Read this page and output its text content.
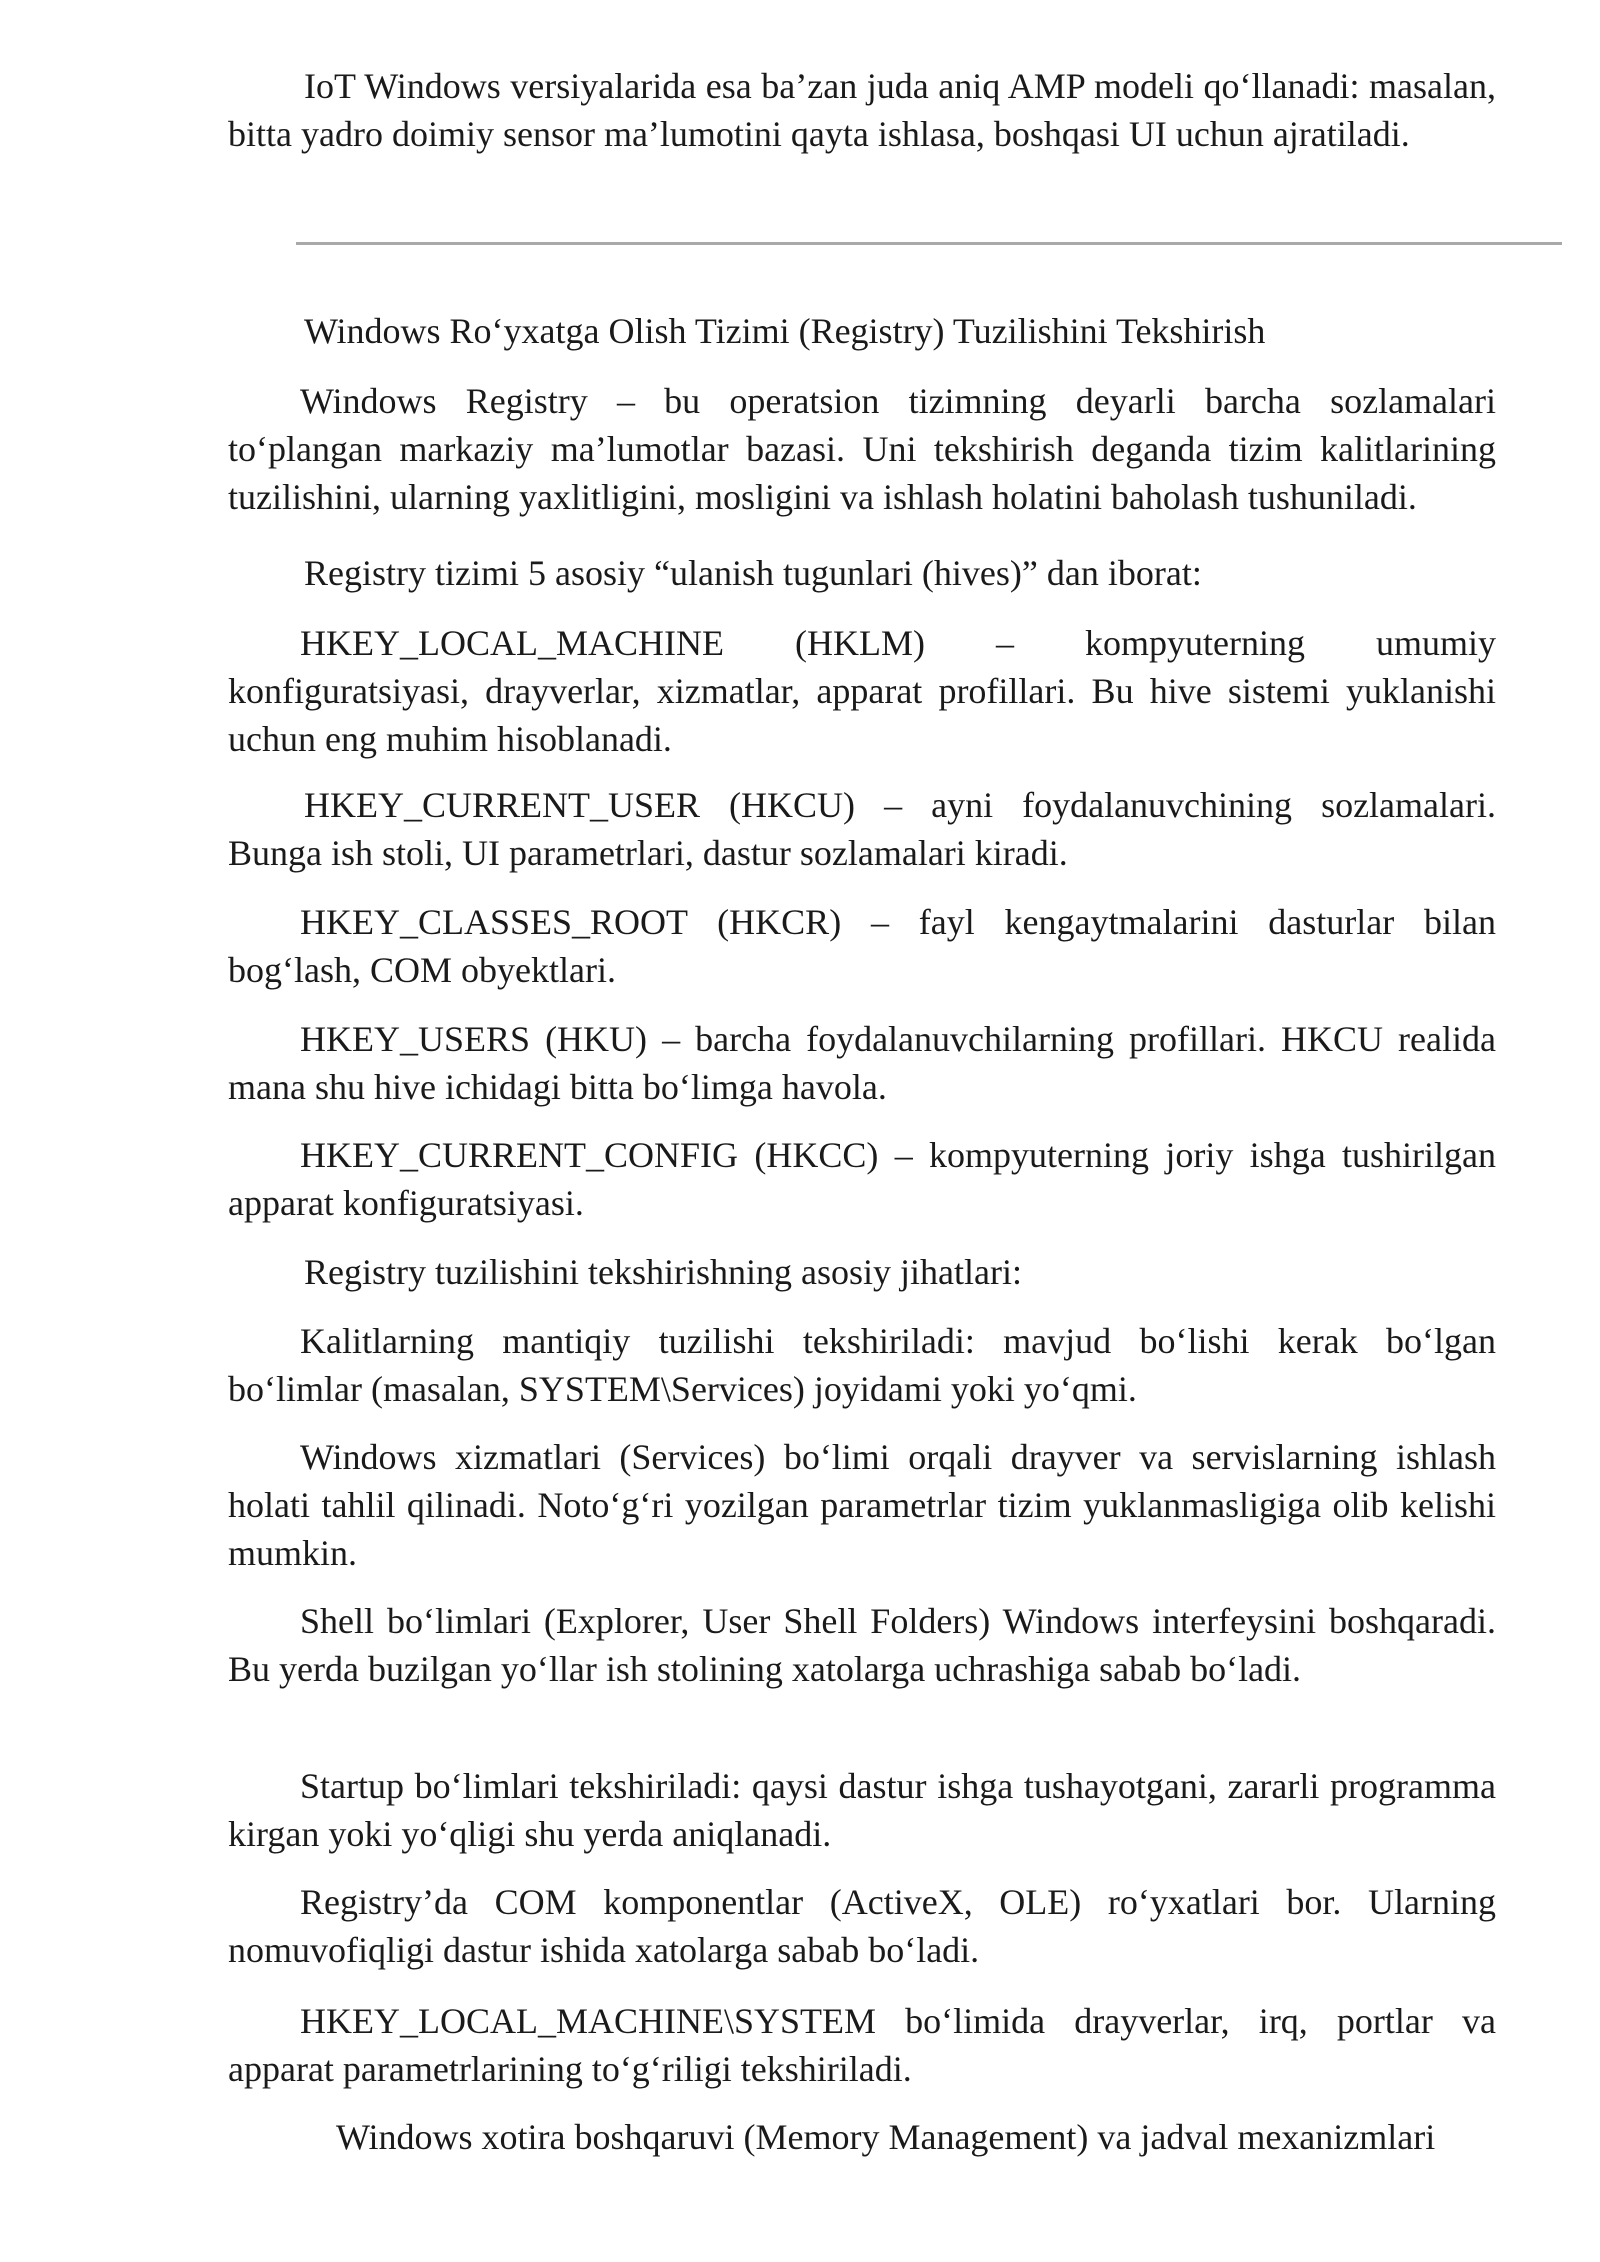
IoT Windows versiyalarida esa ba’zan juda aniq AMP modeli qo‘llanadi: masalan, bitta yadro doimiy sensor ma’lumotini qayta ishlasa, boshqasi UI uchun ajratiladi.

Windows Ro‘yxatga Olish Tizimi (Registry) Tuzilishini Tekshirish

Windows Registry – bu operatsion tizimning deyarli barcha sozlamalari to‘plangan markaziy ma’lumotlar bazasi. Uni tekshirish deganda tizim kalitlarining tuzilishini, ularning yaxlitligini, mosligini va ishlash holatini baholash tushuniladi.

Registry tizimi 5 asosiy “ulanish tugunlari (hives)” dan iborat:

HKEY_LOCAL_MACHINE (HKLM) – kompyuterning umumiy konfiguratsiyasi, drayverlar, xizmatlar, apparat profillari. Bu hive sistemi yuklanishi uchun eng muhim hisoblanadi.

HKEY_CURRENT_USER (HKCU) – ayni foydalanuvchining sozlamalari. Bunga ish stoli, UI parametrlari, dastur sozlamalari kiradi.

HKEY_CLASSES_ROOT (HKCR) – fayl kengaytmalarini dasturlar bilan bog‘lash, COM obyektlari.

HKEY_USERS (HKU) – barcha foydalanuvchilarning profillari. HKCU realida mana shu hive ichidagi bitta bo‘limga havola.

HKEY_CURRENT_CONFIG (HKCC) – kompyuterning joriy ishga tushirilgan apparat konfiguratsiyasi.

Registry tuzilishini tekshirishning asosiy jihatlari:

Kalitlarning mantiqiy tuzilishi tekshiriladi: mavjud bo‘lishi kerak bo‘lgan bo‘limlar (masalan, SYSTEM\Services) joyidami yoki yo‘qmi.

Windows xizmatlari (Services) bo‘limi orqali drayver va servislarning ishlash holati tahlil qilinadi. Noto‘g‘ri yozilgan parametrlar tizim yuklanmasligiga olib kelishi mumkin.

Shell bo‘limlari (Explorer, User Shell Folders) Windows interfeysini boshqaradi. Bu yerda buzilgan yo‘llar ish stolining xatolarga uchrashiga sabab bo‘ladi.

Startup bo‘limlari tekshiriladi: qaysi dastur ishga tushayotgani, zararli programma kirgan yoki yo‘qligi shu yerda aniqlanadi.

Registry’da COM komponentlar (ActiveX, OLE) ro‘yxatlari bor. Ularning nomuvofiqligi dastur ishida xatolarga sabab bo‘ladi.

HKEY_LOCAL_MACHINE\SYSTEM bo‘limida drayverlar, irq, portlar va apparat parametrlarining to‘g‘riligi tekshiriladi.

Windows xotira boshqaruvi (Memory Management) va jadval mexanizmlari
